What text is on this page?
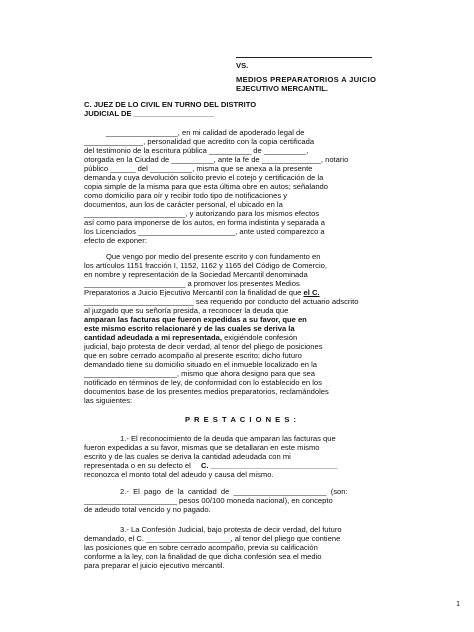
VS.
MEDIOS PREPARATORIOS A JUICIO
EJECUTIVO MERCANTIL.
C. JUEZ DE LO CIVIL EN TURNO DEL DISTRITO
JUDICIAL DE ___________________
_________________, en mi calidad de apoderado legal de
______________, personalidad que acredito con la copia certificada
del testimonio de la escritura pública __________ de __________,
otorgada en la Ciudad de __________, ante la fe de ______________, notario
público ______ del __________, misma que se anexa a la presente
demanda y cuya devolución solicito previo el cotejo y certificación de la
copia simple de la misma para que esta última obre en autos; señalando
como domicilio para oír y recibir todo tipo de notificaciones y
documentos, aun los de carácter personal, el ubicado en la
________________________, y autorizando para los mismos efectos
así como para imponerse de los autos, en forma indistinta y separada a
los Licenciados _______________________, ante usted comparezco a
efecto de exponer:
Que vengo por medio del presente escrito y con fundamento en
los artículos 1151 fracción I, 1152, 1162 y 1165 del Código de Comercio,
en nombre y representación de la Sociedad Mercantil denominada
________________________ a promover los presentes Medios
Preparatorios a Juicio Ejecutivo Mercantil con la finalidad de que el C.
__________________________ sea requerido por conducto del actuario adscrito
al juzgado que su señoría presida, a reconocer la deuda que
amparan las facturas que fueron expedidas a su favor, que en
este mismo escrito relacionaré y de las cuales se deriva la
cantidad adeudada a mi representada, exigiéndole confesión
judicial, bajo protesta de decir verdad, al tenor del pliego de posiciones
que en sobre cerrado acompaño al presente escrito; dicho futuro
demandado tiene su domicilio situado en el inmueble localizado en la
______________________, mismo que ahora designo para que sea
notificado en términos de ley, de conformidad con lo establecido en los
documentos base de los presentes medios preparatorios, reclamándoles
las siguientes:
P R E S T A C I O N E S :
1.- El reconocimiento de la deuda que amparan las facturas que
fueron expedidas a su favor, mismas que se detallaran en este mismo
escrito y de las cuales se deriva la cantidad adeudada con mi
representada o en su defecto el C. ______________________________
reconozca el monto total del adeudo y causa del mismo.
2.-  El  pago  de  la  cantidad  de  ______________________  (son:
______________________ pesos 00/100 moneda nacional), en concepto
de adeudo total vencido y no pagado.
3.- La Confesión Judicial, bajo protesta de decir verdad, del futuro
demandado, el C. ____________________, al tenor del pliego que contiene
las posiciones que en sobre cerrado acompaño, previa su calificación
conforme a la ley, con la finalidad de que dicha confesión sea el medio
para preparar el juicio ejecutivo mercantil.
1
